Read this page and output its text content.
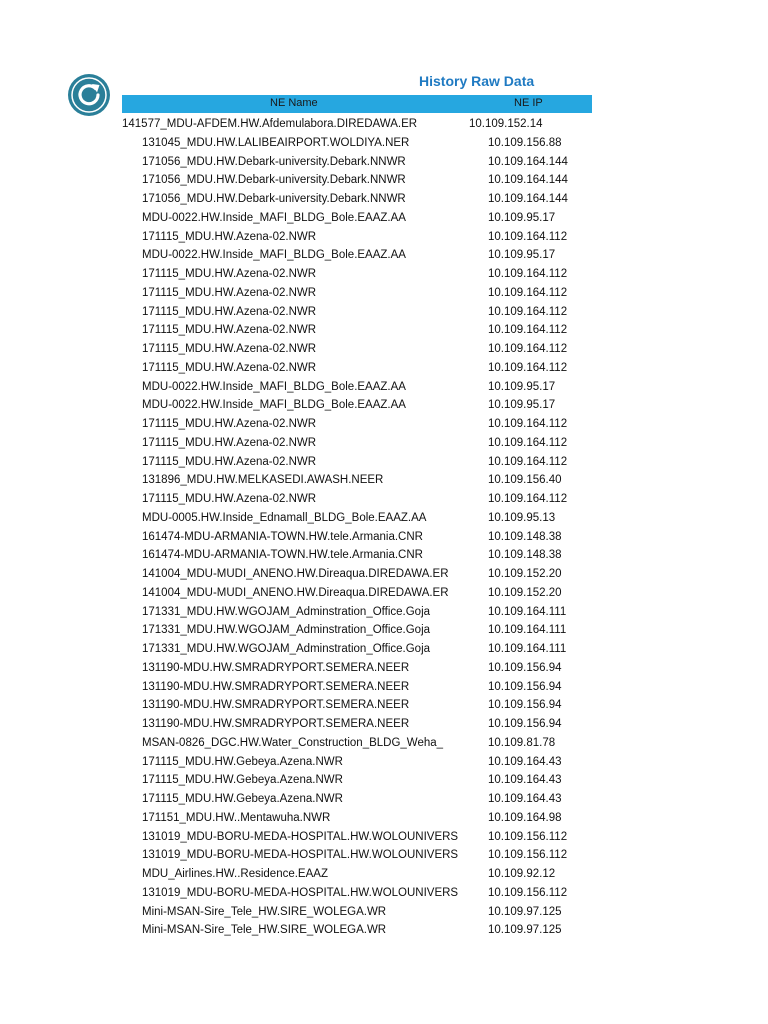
History Raw Data
NE Name	NE IP
141577_MDU-AFDEM.HW.Afdemulabora.DIREDAWA.ER	10.109.152.14
131045_MDU.HW.LALIBEAIRPORT.WOLDIYA.NER	10.109.156.88
171056_MDU.HW.Debark-university.Debark.NNWR	10.109.164.144
171056_MDU.HW.Debark-university.Debark.NNWR	10.109.164.144
171056_MDU.HW.Debark-university.Debark.NNWR	10.109.164.144
MDU-0022.HW.Inside_MAFI_BLDG_Bole.EAAZ.AA	10.109.95.17
171115_MDU.HW.Azena-02.NWR	10.109.164.112
MDU-0022.HW.Inside_MAFI_BLDG_Bole.EAAZ.AA	10.109.95.17
171115_MDU.HW.Azena-02.NWR	10.109.164.112
171115_MDU.HW.Azena-02.NWR	10.109.164.112
171115_MDU.HW.Azena-02.NWR	10.109.164.112
171115_MDU.HW.Azena-02.NWR	10.109.164.112
171115_MDU.HW.Azena-02.NWR	10.109.164.112
171115_MDU.HW.Azena-02.NWR	10.109.164.112
MDU-0022.HW.Inside_MAFI_BLDG_Bole.EAAZ.AA	10.109.95.17
MDU-0022.HW.Inside_MAFI_BLDG_Bole.EAAZ.AA	10.109.95.17
171115_MDU.HW.Azena-02.NWR	10.109.164.112
171115_MDU.HW.Azena-02.NWR	10.109.164.112
171115_MDU.HW.Azena-02.NWR	10.109.164.112
131896_MDU.HW.MELKASEDI.AWASH.NEER	10.109.156.40
171115_MDU.HW.Azena-02.NWR	10.109.164.112
MDU-0005.HW.Inside_Ednamall_BLDG_Bole.EAAZ.AA	10.109.95.13
161474-MDU-ARMANIA-TOWN.HW.tele.Armania.CNR	10.109.148.38
161474-MDU-ARMANIA-TOWN.HW.tele.Armania.CNR	10.109.148.38
141004_MDU-MUDI_ANENO.HW.Direaqua.DIREDAWA.ER	10.109.152.20
141004_MDU-MUDI_ANENO.HW.Direaqua.DIREDAWA.ER	10.109.152.20
171331_MDU.HW.WGOJAM_Adminstration_Office.Goja	10.109.164.111
171331_MDU.HW.WGOJAM_Adminstration_Office.Goja	10.109.164.111
171331_MDU.HW.WGOJAM_Adminstration_Office.Goja	10.109.164.111
131190-MDU.HW.SMRADRYPORT.SEMERA.NEER	10.109.156.94
131190-MDU.HW.SMRADRYPORT.SEMERA.NEER	10.109.156.94
131190-MDU.HW.SMRADRYPORT.SEMERA.NEER	10.109.156.94
131190-MDU.HW.SMRADRYPORT.SEMERA.NEER	10.109.156.94
MSAN-0826_DGC.HW.Water_Construction_BLDG_Weha_	10.109.81.78
171115_MDU.HW.Gebeya.Azena.NWR	10.109.164.43
171115_MDU.HW.Gebeya.Azena.NWR	10.109.164.43
171115_MDU.HW.Gebeya.Azena.NWR	10.109.164.43
171151_MDU.HW..Mentawuha.NWR	10.109.164.98
131019_MDU-BORU-MEDA-HOSPITAL.HW.WOLOUNIVERS	10.109.156.112
131019_MDU-BORU-MEDA-HOSPITAL.HW.WOLOUNIVERS	10.109.156.112
MDU_Airlines.HW..Residence.EAAZ	10.109.92.12
131019_MDU-BORU-MEDA-HOSPITAL.HW.WOLOUNIVERS	10.109.156.112
Mini-MSAN-Sire_Tele_HW.SIRE_WOLEGA.WR	10.109.97.125
Mini-MSAN-Sire_Tele_HW.SIRE_WOLEGA.WR	10.109.97.125
